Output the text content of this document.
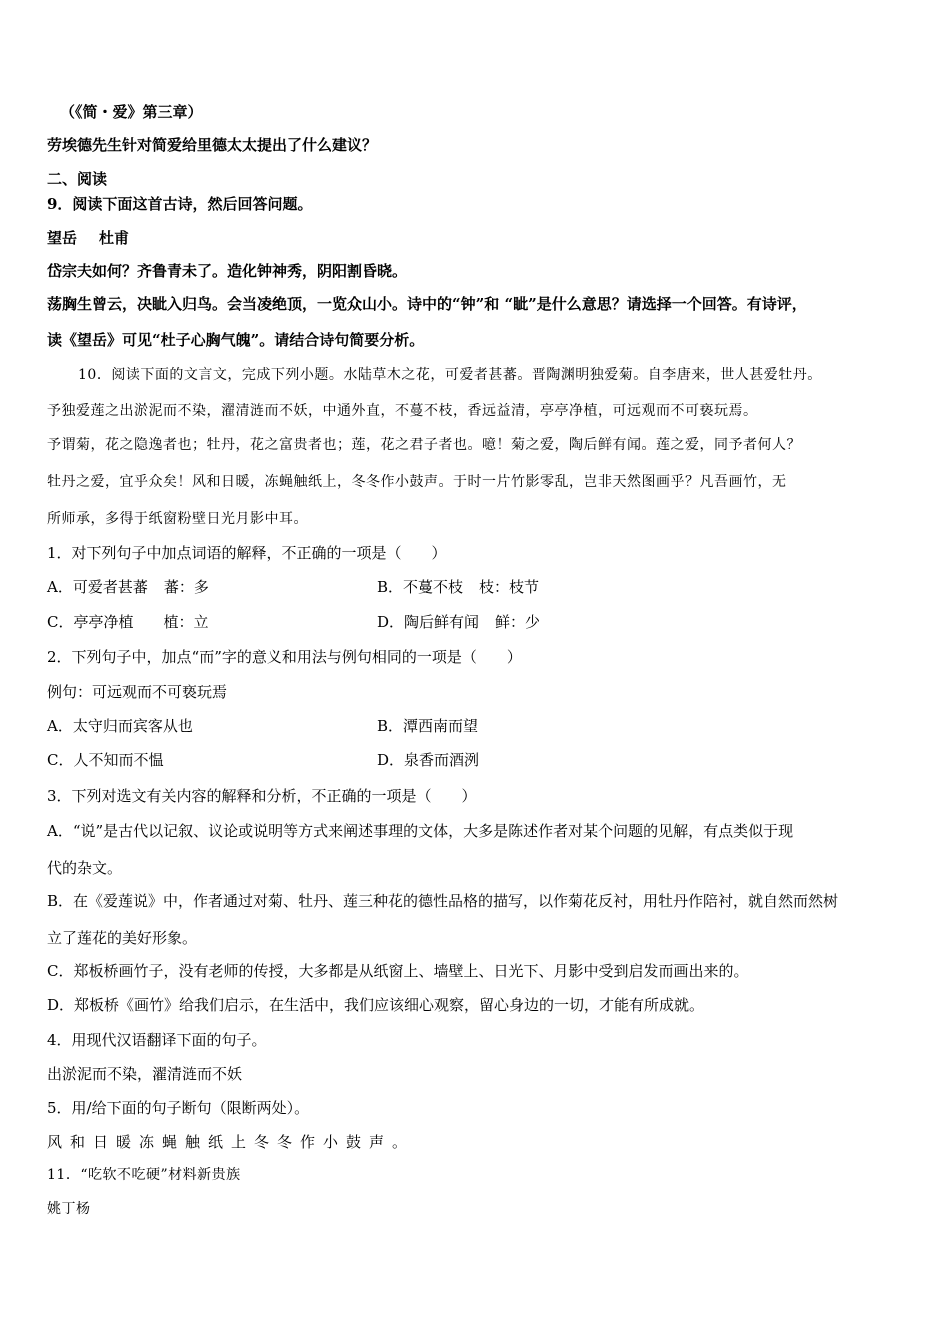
（《简・爱》第三章）
劳埃德先生针对简爱给里德太太提出了什么建议？
二、阅读
9．阅读下面这首古诗，然后回答问题。
望岳 杜甫
岱宗夫如何？齐鲁青未了。造化钟神秀，阴阳割昏晓。
荡胸生曾云，决眦入归鸟。会当凌绝顶，一览众山小。诗中的“钟”和 “眦”是什么意思？请选择一个回答。有诗评，
读《望岳》可见“杜子心胸气魄”。请结合诗句简要分析。
10．阅读下面的文言文，完成下列小题。水陆草木之花，可爱者甚蕃。晋陶渊明独爱菊。自李唐来，世人甚爱牡丹。
予独爱莲之出淤泥而不染，濯清涟而不妖，中通外直，不蔓不枝，香远益清，亭亭净植，可远观而不可亵玩焉。
予谓菊，花之隐逸者也；牡丹，花之富贵者也；莲，花之君子者也。噫！菊之爱，陶后鲜有闻。莲之爱，同予者何人？
牡丹之爱，宜乎众矣！风和日暖，冻蝇触纸上，冬冬作小鼓声。于时一片竹影零乱，岂非天然图画乎？凡吾画竹，无
所师承，多得于纸窗粉壁日光月影中耳。
1．对下列句子中加点词语的解释，不正确的一项是（　　）
A．可爱者甚蕃 蕃：多	B．不蔓不枝 枝：枝节
C．亭亭净植 植：立	D．陶后鲜有闻 鲜：少
2．下列句子中，加点“而”字的意义和用法与例句相同的一项是（　　）
例句：可远观而不可亵玩焉
A．太守归而宾客从也	B．潭西南而望
C．人不知而不愠	D．泉香而酒洌
3．下列对选文有关内容的解释和分析，不正确的一项是（　　）
A．“说”是古代以记叙、议论或说明等方式来阐述事理的文体，大多是陈述作者对某个问题的见解，有点类似于现
代的杂文。
B．在《爱莲说》中，作者通过对菊、牡丹、莲三种花的德性品格的描写，以作菊花反衬，用牡丹作陪衬，就自然而然树
立了莲花的美好形象。
C．郑板桥画竹子，没有老师的传授，大多都是从纸窗上、墙壁上、日光下、月影中受到启发而画出来的。
D．郑板桥《画竹》给我们启示，在生活中，我们应该细心观察，留心身边的一切，才能有所成就。
4．用现代汉语翻译下面的句子。
出淤泥而不染，濯清涟而不妖
5．用/给下面的句子断句（限断两处）。
风和日暖冻蝇触纸上冬冬作小鼓声。
11．“吃软不吃硬”材料新贵族
姚丁杨
